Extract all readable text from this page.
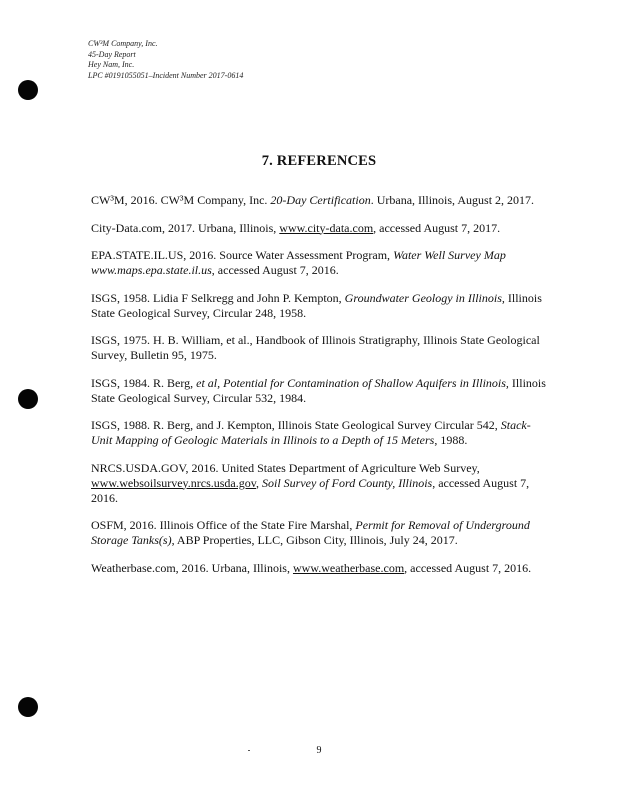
CW³M Company, Inc.
45-Day Report
Hey Nam, Inc.
LPC #0191055051–Incident Number 2017-0614
7. REFERENCES
CW³M, 2016. CW³M Company, Inc. 20-Day Certification. Urbana, Illinois, August 2, 2017.
City-Data.com, 2017. Urbana, Illinois, www.city-data.com, accessed August 7, 2017.
EPA.STATE.IL.US, 2016. Source Water Assessment Program, Water Well Survey Map www.maps.epa.state.il.us, accessed August 7, 2016.
ISGS, 1958. Lidia F Selkregg and John P. Kempton, Groundwater Geology in Illinois, Illinois State Geological Survey, Circular 248, 1958.
ISGS, 1975. H. B. William, et al., Handbook of Illinois Stratigraphy, Illinois State Geological Survey, Bulletin 95, 1975.
ISGS, 1984. R. Berg, et al, Potential for Contamination of Shallow Aquifers in Illinois, Illinois State Geological Survey, Circular 532, 1984.
ISGS, 1988. R. Berg, and J. Kempton, Illinois State Geological Survey Circular 542, Stack-Unit Mapping of Geologic Materials in Illinois to a Depth of 15 Meters, 1988.
NRCS.USDA.GOV, 2016. United States Department of Agriculture Web Survey, www.websoilsurvey.nrcs.usda.gov, Soil Survey of Ford County, Illinois, accessed August 7, 2016.
OSFM, 2016. Illinois Office of the State Fire Marshal, Permit for Removal of Underground Storage Tanks(s), ABP Properties, LLC, Gibson City, Illinois, July 24, 2017.
Weatherbase.com, 2016. Urbana, Illinois, www.weatherbase.com, accessed August 7, 2016.
9
